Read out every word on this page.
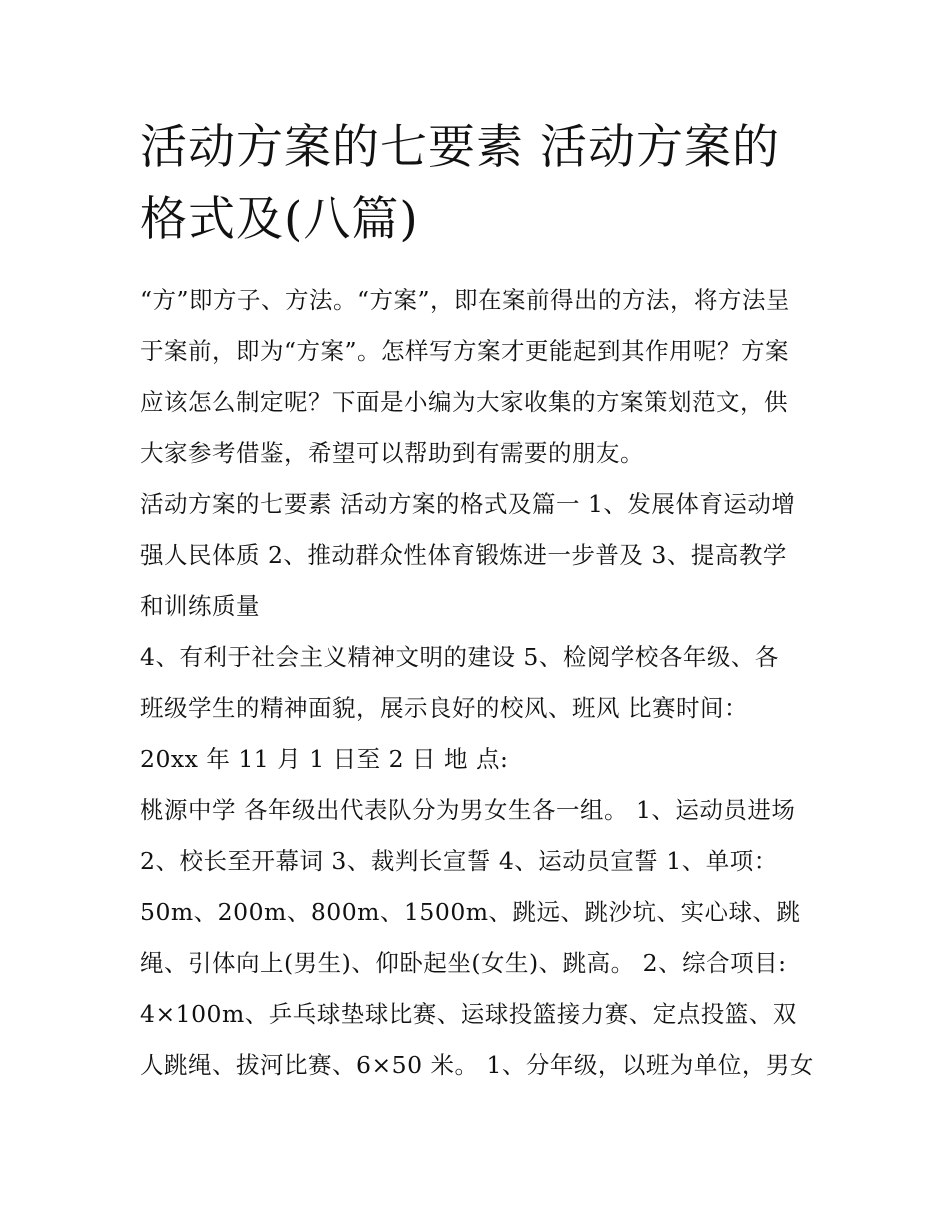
活动方案的七要素 活动方案的格式及(八篇)
“方”即方子、方法。“方案”，即在案前得出的方法，将方法呈
于案前，即为“方案”。怎样写方案才更能起到其作用呢？方案
应该怎么制定呢？下面是小编为大家收集的方案策划范文，供
大家参考借鉴，希望可以帮助到有需要的朋友。
活动方案的七要素 活动方案的格式及篇一 1、发展体育运动增
强人民体质 2、推动群众性体育锻炼进一步普及 3、提高教学
和训练质量
4、有利于社会主义精神文明的建设 5、检阅学校各年级、各
班级学生的精神面貌，展示良好的校风、班风 比赛时间：
20xx 年 11 月 1 日至 2 日 地 点:
桃源中学 各年级出代表队分为男女生各一组。 1、运动员进场
2、校长至开幕词 3、裁判长宣誓 4、运动员宣誓 1、单项：
50m、200m、800m、1500m、跳远、跳沙坑、实心球、跳
绳、引体向上(男生)、仰卧起坐(女生)、跳高。 2、综合项目:
4×100m、乒乓球垫球比赛、运球投篮接力赛、定点投篮、双
人跳绳、拔河比赛、6×50 米。 1、分年级，以班为单位，男女
